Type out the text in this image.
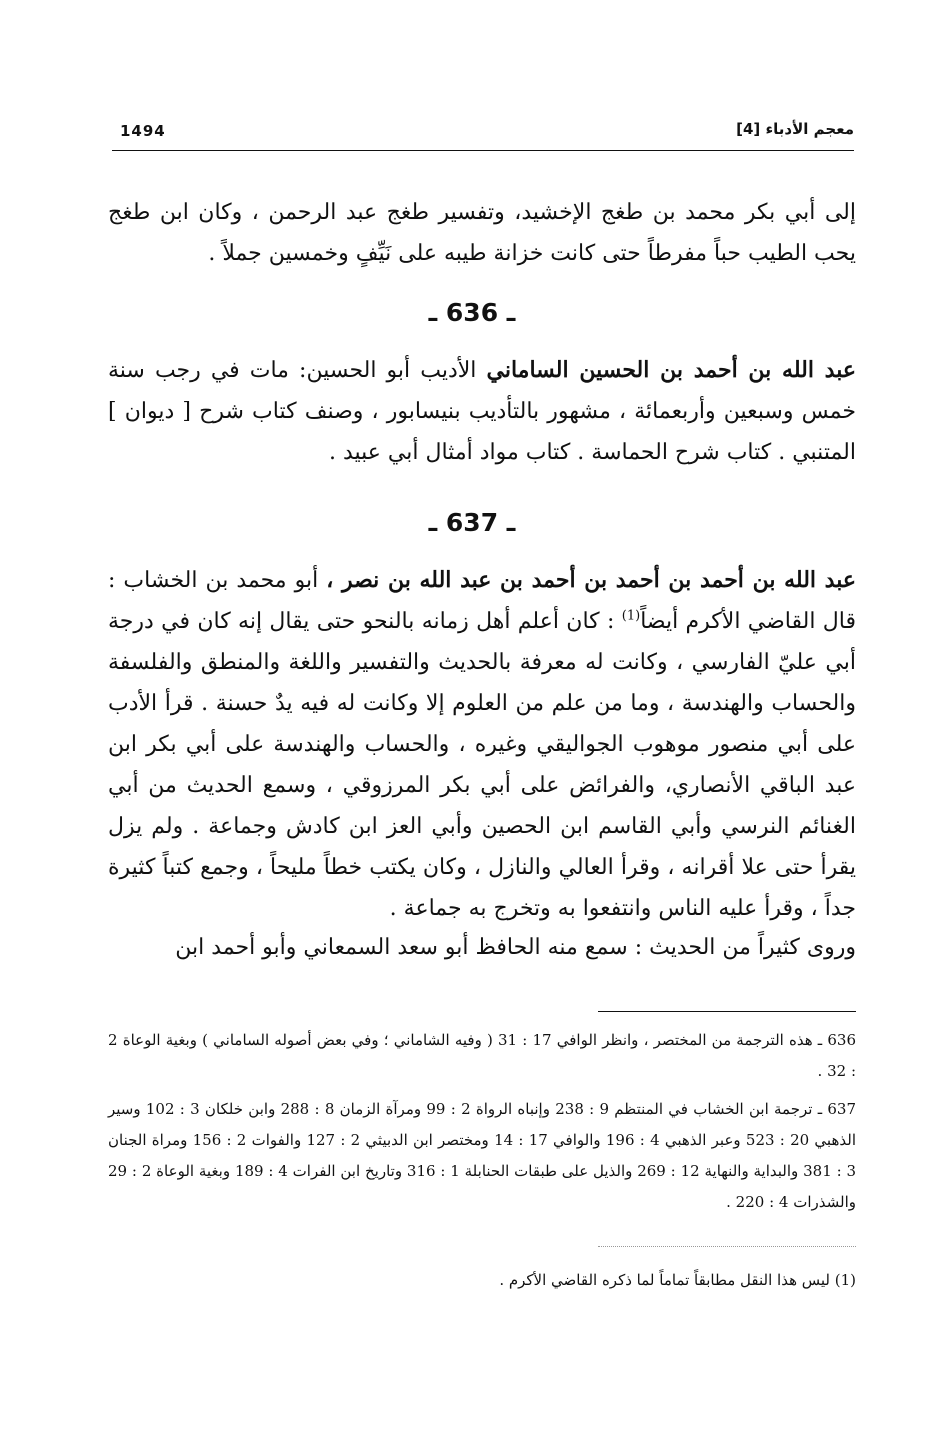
1494	معجم الأدباء [4]
إلى أبي بكر محمد بن طغج الإخشيد، وتفسير طغج عبد الرحمن ، وكان ابن طغج يحب الطيب حباً مفرطاً حتى كانت خزانة طيبه على نَيِّفٍ وخمسين جملاً .
ـ 636 ـ
عبد الله بن أحمد بن الحسين الساماني الأديب أبو الحسين: مات في رجب سنة خمس وسبعين وأربعمائة ، مشهور بالتأديب بنيسابور ، وصنف كتاب شرح [ ديوان ] المتنبي . كتاب شرح الحماسة . كتاب مواد أمثال أبي عبيد .
ـ 637 ـ
عبد الله بن أحمد بن أحمد بن أحمد بن عبد الله بن نصر ، أبو محمد بن الخشاب : قال القاضي الأكرم أيضاً$^{(1)}$ : كان أعلم أهل زمانه بالنحو حتى يقال إنه كان في درجة أبي عليّ الفارسي ، وكانت له معرفة بالحديث والتفسير واللغة والمنطق والفلسفة والحساب والهندسة ، وما من علم من العلوم إلا وكانت له فيه يدٌ حسنة . قرأ الأدب على أبي منصور موهوب الجواليقي وغيره ، والحساب والهندسة على أبي بكر ابن عبد الباقي الأنصاري، والفرائض على أبي بكر المرزوقي ، وسمع الحديث من أبي الغنائم النرسي وأبي القاسم ابن الحصين وأبي العز ابن كادش وجماعة . ولم يزل يقرأ حتى علا أقرانه ، وقرأ العالي والنازل ، وكان يكتب خطاً مليحاً ، وجمع كتباً كثيرة جداً ، وقرأ عليه الناس وانتفعوا به وتخرج به جماعة .
وروى كثيراً من الحديث : سمع منه الحافظ أبو سعد السمعاني وأبو أحمد ابن
636 ـ هذه الترجمة من المختصر ، وانظر الوافي 17 : 31 ( وفيه الشاماني ؛ وفي بعض أصوله الساماني ) وبغية الوعاة 2 : 32 .
637 ـ ترجمة ابن الخشاب في المنتظم 9 : 238 وإنباه الرواة 2 : 99 ومرآة الزمان 8 : 288 وابن خلكان 3 : 102 وسير الذهبي 20 : 523 وعبر الذهبي 4 : 196 والوافي 17 : 14 ومختصر ابن الدبيثي 2 : 127 والفوات 2 : 156 ومراة الجنان 3 : 381 والبداية والنهاية 12 : 269 والذيل على طبقات الحنابلة 1 : 316 وتاريخ ابن الفرات 4 : 189 وبغية الوعاة 2 : 29 والشذرات 4 : 220 .
(1) ليس هذا النقل مطابقاً تماماً لما ذكره القاضي الأكرم .
